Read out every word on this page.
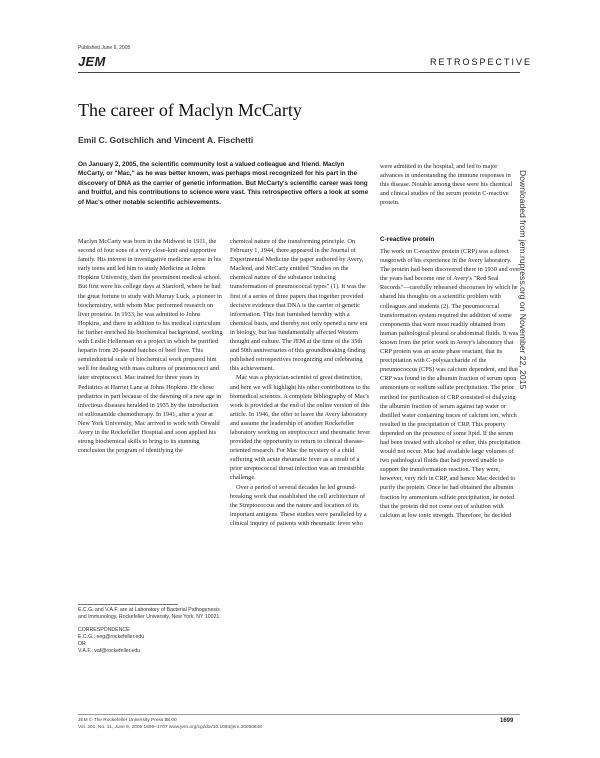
Published June 6, 2005
JEM	RETROSPECTIVE
The career of Maclyn McCarty
Emil C. Gotschlich and Vincent A. Fischetti
On January 2, 2005, the scientific community lost a valued colleague and friend. Maclyn McCarty, or "Mac," as he was better known, was perhaps most recognized for his part in the discovery of DNA as the carrier of genetic information. But McCarty's scientific career was long and fruitful, and his contributions to science were vast. This retrospective offers a look at some of Mac's other notable scientific achievements.

Maclyn McCarty was born in the Midwest in 1911, the second of four sons of a very close-knit and supportive family. His interest in investigative medicine arose in his early teens and led him to study Medicine at Johns Hopkins University, then the preeminent medical school. But first were his college days at Stanford, where he had the great fortune to study with Murray Luck, a pioneer in biochemistry, with whom Mac performed research on liver proteins. In 1933, he was admitted to Johns Hopkins, and there in addition to his medical curriculum he further enriched his biochemical background, working with Leslie Hellerman on a project in which he purified heparin from 20-pound batches of beef liver. This semiindustrial scale of biochemical work prepared him well for dealing with mass cultures of pneumococci and later streptococci. Mac trained for three years in Pediatrics at Harriet Lane at Johns Hopkins. He chose pediatrics in part because of the dawning of a new age in infectious diseases heralded in 1935 by the introduction of sulfonamide chemotherapy. In 1941, after a year at New York University, Mac arrived to work with Oswald Avery in the Rockefeller Hospital and soon applied his strong biochemical skills to bring to its stunning conclusion the program of identifying the

chemical nature of the transforming principle. On February 1, 1944, there appeared in the Journal of Experimental Medicine the paper authored by Avery, Macleod, and McCarty entitled "Studies on the chemical nature of the substance inducing transformation of pneumococcal types" (1). It was the first of a series of three papers that together provided decisive evidence that DNA is the carrier of genetic information. This feat furnished heredity with a chemical basis, and thereby not only opened a new era in biology, but has fundamentally affected Western thought and culture. The JEM at the time of the 35th and 50th anniversaries of this groundbreaking finding published retrospectives recognizing and celebrating this achievement.

Mac was a physician-scientist of great distinction, and here we will highlight his other contributions to the biomedical sciences. A complete bibliography of Mac's work is provided at the end of the online version of this article. In 1946, the offer to leave the Avery laboratory and assume the leadership of another Rockefeller laboratory working on streptococci and rheumatic fever provided the opportunity to return to clinical disease-oriented research. For Mac the mystery of a child suffering with acute rheumatic fever as a result of a prior streptococcal throat infection was an irresistible challenge.

Over a period of several decades he led ground-breaking work that established the cell architecture of the Streptococcus and the nature and location of its important antigens. These studies were paralleled by a clinical inquiry of patients with rheumatic fever who

were admitted to the hospital, and led to major advances in understanding the immune responses in this disease. Notable among these were his chemical and clinical studies of the serum protein C-reactive protein.

C-reactive protein

The work on C-reactive protein (CRP) was a direct outgrowth of his experience in the Avery laboratory. The protein had been discovered there in 1930 and over the years had become one of Avery's "Red Seal Records"—carefully rehearsed discourses by which he shared his thoughts on a scientific problem with colleagues and students (2). The pneumococcal transformation system required the addition of some components that were most readily obtained from human pathological pleural or abdominal fluids. It was known from the prior work in Avery's laboratory that CRP protein was an acute phase reactant, that its precipitation with C-polysaccharide of the pneumococcus (CPS) was calcium dependent, and that CRP was found in the albumin fraction of serum upon ammonium or sodium sulfate precipitation. The prior method for purification of CRP consisted of dialyzing the albumin fraction of serum against tap water or distilled water containing traces of calcium ion, which resulted in the precipitation of CRP. This property depended on the presence of some lipid. If the serum had been treated with alcohol or ether, this precipitation would not occur. Mac had available large volumes of two pathological fluids that had proved unable to support the transformation reaction. They were, however, very rich in CRP, and hence Mac decided to purify the protein. Once he had obtained the albumin fraction by ammonium sulfate precipitation, he noted that the protein did not come out of solution with calcium at low ionic strength. Therefore, he decided

E.C.G. and V.A.F. are at Laboratory of Bacterial Pathogenesis and Immunology, Rockefeller University, New York, NY 10021.
CORRESPONDENCE
E.C.G.: eeg@rockefeller.edu
OR
V.A.F.: vaf@rockefeller.edu
JEM © The Rockefeller University Press $8.00
Vol. 201, No. 11, June 6, 2005 1699–1707 www.jem.org/cgi/doi/10.1084/jem.20050848
1699
Downloaded from jem.rupress.org on November 22, 2015
